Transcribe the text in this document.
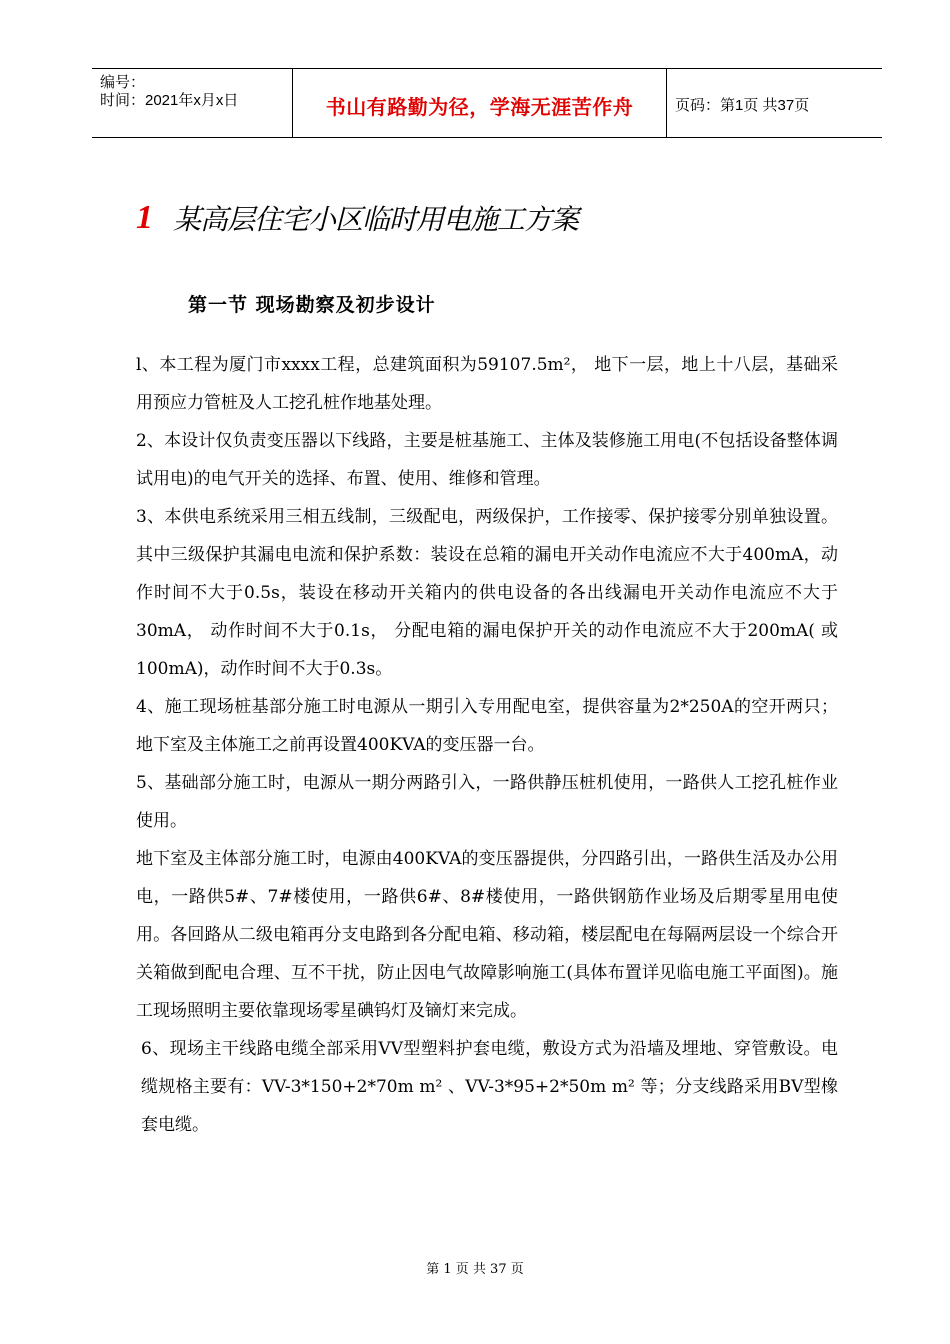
编号：
时间：2021年x月x日	书山有路勤为径，学海无涯苦作舟	页码：第1页 共37页
1 某高层住宅小区临时用电施工方案
第一节 现场勘察及初步设计

l、本工程为厦门市xxxx工程，总建筑面积为59107.5m²， 地下一层，地上十八层，基础采用预应力管桩及人工挖孔桩作地基处理。

2、本设计仅负责变压器以下线路，主要是桩基施工、主体及装修施工用电(不包括设备整体调试用电)的电气开关的选择、布置、使用、维修和管理。

3、本供电系统采用三相五线制，三级配电，两级保护，工作接零、保护接零分别单独设置。其中三级保护其漏电电流和保护系数：装设在总箱的漏电开关动作电流应不大于400mA，动作时间不大于0.5s，装设在移动开关箱内的供电设备的各出线漏电开关动作电流应不大于30mA， 动作时间不大于0.1s， 分配电箱的漏电保护开关的动作电流应不大于200mA( 或100mA)，动作时间不大于0.3s。

4、施工现场桩基部分施工时电源从一期引入专用配电室，提供容量为2*250A的空开两只；地下室及主体施工之前再设置400KVA的变压器一台。

5、基础部分施工时，电源从一期分两路引入，一路供静压桩机使用，一路供人工挖孔桩作业使用。

地下室及主体部分施工时，电源由400KVA的变压器提供，分四路引出，一路供生活及办公用电，一路供5#、7#楼使用，一路供6#、8#楼使用，一路供钢筋作业场及后期零星用电使用。各回路从二级电箱再分支电路到各分配电箱、移动箱，楼层配电在每隔两层设一个综合开关箱做到配电合理、互不干扰，防止因电气故障影响施工(具体布置详见临电施工平面图)。施工现场照明主要依靠现场零星碘钨灯及镝灯来完成。

6、现场主干线路电缆全部采用VV型塑料护套电缆，敷设方式为沿墙及埋地、穿管敷设。电缆规格主要有：VV-3*150+2*70m m² 、VV-3*95+2*50m m² 等；分支线路采用BV型橡套电缆。

第 1 页 共 37 页
